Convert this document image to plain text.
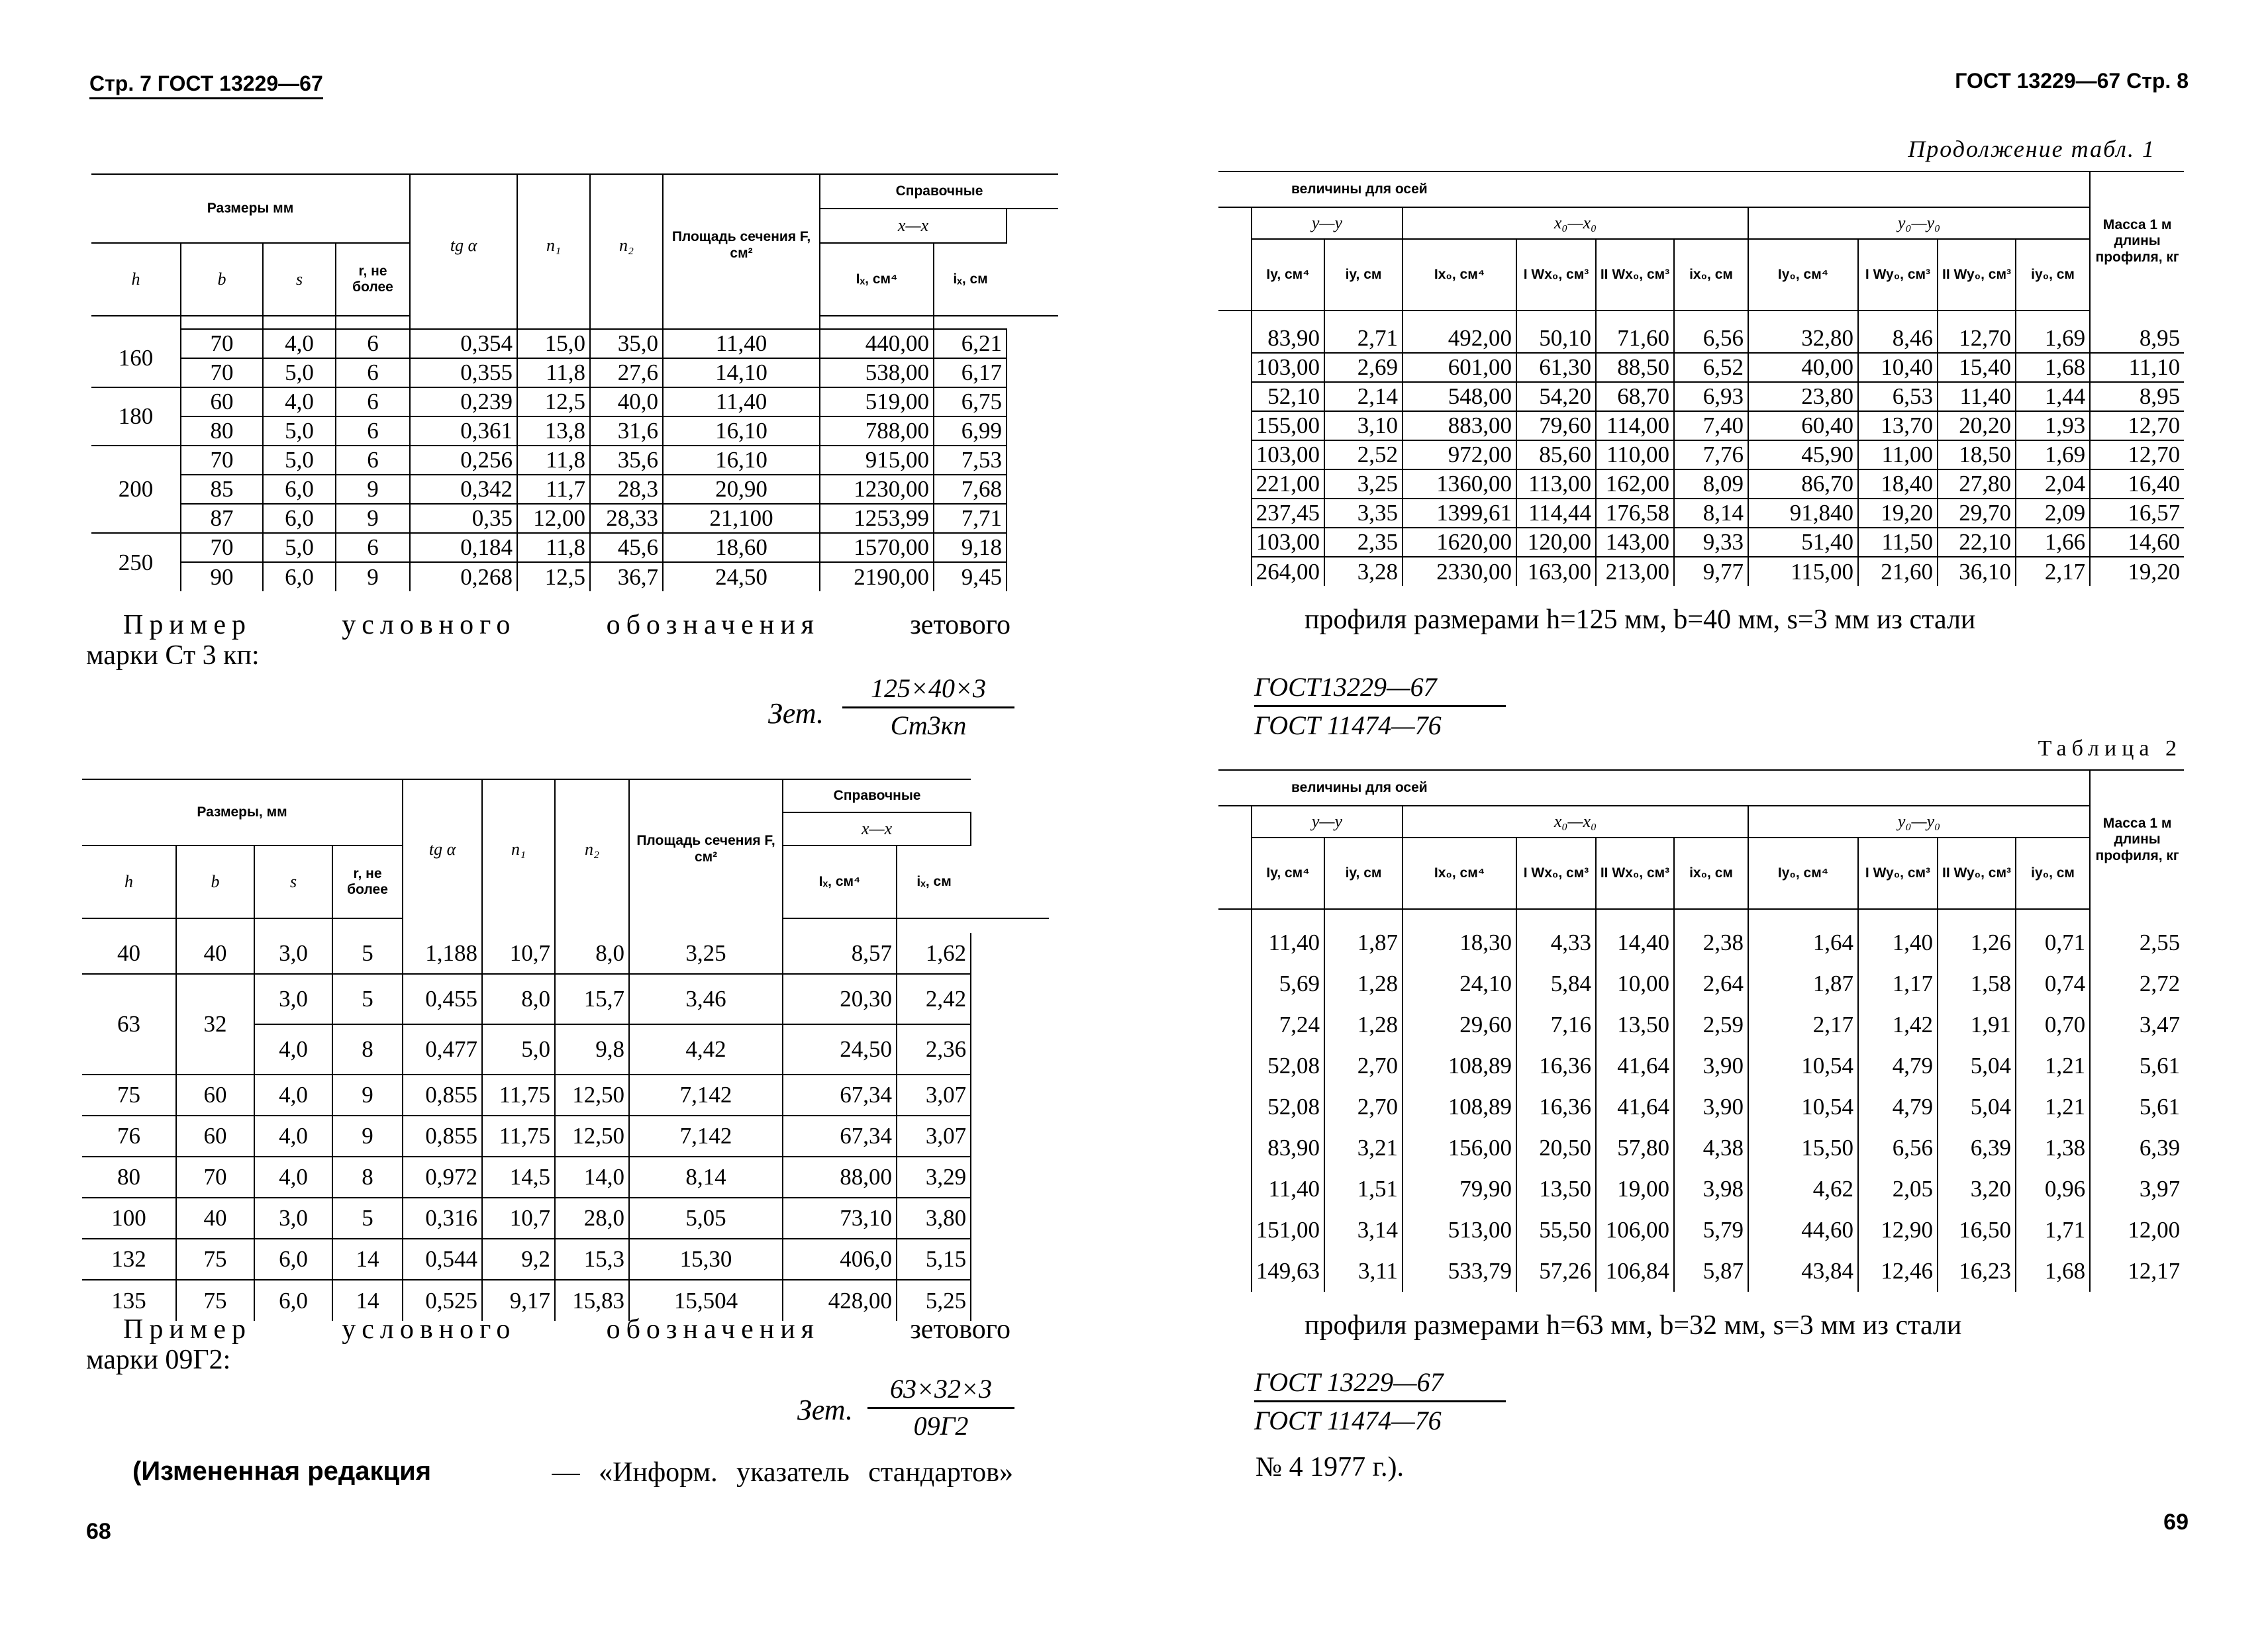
Стр. 7 ГОСТ 13229—67
Размеры мм				tg α	n₁	n₂	Площадь сечения F, см²	Справочные		
								x—x		
h	b	s	r, не более					Iₓ, см⁴	iₓ, см	

160	70	4,0	6	0,354	15,0	35,0	11,40	440,00	6,21	
	70	5,0	6	0,355	11,8	27,6	14,10	538,00	6,17	
180	60	4,0	6	0,239	12,5	40,0	11,40	519,00	6,75	
	80	5,0	6	0,361	13,8	31,6	16,10	788,00	6,99	
200	70	5,0	6	0,256	11,8	35,6	16,10	915,00	7,53	
	85	6,0	9	0,342	11,7	28,3	20,90	1230,00	7,68	
	87	6,0	9	0,35	12,00	28,33	21,100	1253,99	7,71	
250	70	5,0	6	0,184	11,8	45,6	18,60	1570,00	9,18	
	90	6,0	9	0,268	12,5	36,7	24,50	2190,00	9,45	
Пример	условного	обозначения	зетового
марки Ст 3 кп:
Зет.
125×40×3
Ст3кп
Размеры, мм				tg α	n₁	n₂	Площадь сечения F, см²	Справочные		
								x—x		
h	b	s	r, не более					Iₓ, см⁴	iₓ, см	

40	40	3,0	5	1,188	10,7	8,0	3,25	8,57	1,62	
63	32	3,0	5	0,455	8,0	15,7	3,46	20,30	2,42	
		4,0	8	0,477	5,0	9,8	4,42	24,50	2,36	
75	60	4,0	9	0,855	11,75	12,50	7,142	67,34	3,07	
76	60	4,0	9	0,855	11,75	12,50	7,142	67,34	3,07	
80	70	4,0	8	0,972	14,5	14,0	8,14	88,00	3,29	
100	40	3,0	5	0,316	10,7	28,0	5,05	73,10	3,80	
132	75	6,0	14	0,544	9,2	15,3	15,30	406,0	5,15	
135	75	6,0	14	0,525	9,17	15,83	15,504	428,00	5,25	
Пример	условного	обозначения	зетового
марки 09Г2:
Зет.
63×32×3
09Г2
(Измененная редакция	— «Информ. указатель стандартов»
68
ГОСТ 13229—67 Стр. 8
Продолжение табл. 1
величины для осей											Масса 1 м длины профиля, кг
	y—y		x₀—x₀				y₀—y₀				
	Iy, см⁴	iy, см	Ix₀, см⁴	I Wx₀, см³	II Wx₀, см³	ix₀, см	Iy₀, см⁴	I Wy₀, см³	II Wy₀, см³	iy₀, см	

	83,90	2,71	492,00	50,10	71,60	6,56	32,80	8,46	12,70	1,69	8,95
	103,00	2,69	601,00	61,30	88,50	6,52	40,00	10,40	15,40	1,68	11,10
	52,10	2,14	548,00	54,20	68,70	6,93	23,80	6,53	11,40	1,44	8,95
	155,00	3,10	883,00	79,60	114,00	7,40	60,40	13,70	20,20	1,93	12,70
	103,00	2,52	972,00	85,60	110,00	7,76	45,90	11,00	18,50	1,69	12,70
	221,00	3,25	1360,00	113,00	162,00	8,09	86,70	18,40	27,80	2,04	16,40
	237,45	3,35	1399,61	114,44	176,58	8,14	91,840	19,20	29,70	2,09	16,57
	103,00	2,35	1620,00	120,00	143,00	9,33	51,40	11,50	22,10	1,66	14,60
	264,00	3,28	2330,00	163,00	213,00	9,77	115,00	21,60	36,10	2,17	19,20
профиля размерами h=125 мм, b=40 мм, s=3 мм из стали
ГОСТ13229—67
ГОСТ 11474—76
Таблица 2
величины для осей											Масса 1 м длины профиля, кг
	y—y		x₀—x₀				y₀—y₀				
	Iy, см⁴	iy, см	Ix₀, см⁴	I Wx₀, см³	II Wx₀, см³	ix₀, см	Iy₀, см⁴	I Wy₀, см³	II Wy₀, см³	iy₀, см	

	11,40	1,87	18,30	4,33	14,40	2,38	1,64	1,40	1,26	0,71	2,55
	5,69	1,28	24,10	5,84	10,00	2,64	1,87	1,17	1,58	0,74	2,72
	7,24	1,28	29,60	7,16	13,50	2,59	2,17	1,42	1,91	0,70	3,47
	52,08	2,70	108,89	16,36	41,64	3,90	10,54	4,79	5,04	1,21	5,61
	52,08	2,70	108,89	16,36	41,64	3,90	10,54	4,79	5,04	1,21	5,61
	83,90	3,21	156,00	20,50	57,80	4,38	15,50	6,56	6,39	1,38	6,39
	11,40	1,51	79,90	13,50	19,00	3,98	4,62	2,05	3,20	0,96	3,97
	151,00	3,14	513,00	55,50	106,00	5,79	44,60	12,90	16,50	1,71	12,00
	149,63	3,11	533,79	57,26	106,84	5,87	43,84	12,46	16,23	1,68	12,17
профиля размерами h=63 мм, b=32 мм, s=3 мм из стали
ГОСТ 13229—67
ГОСТ 11474—76
№ 4 1977 г.).
69
